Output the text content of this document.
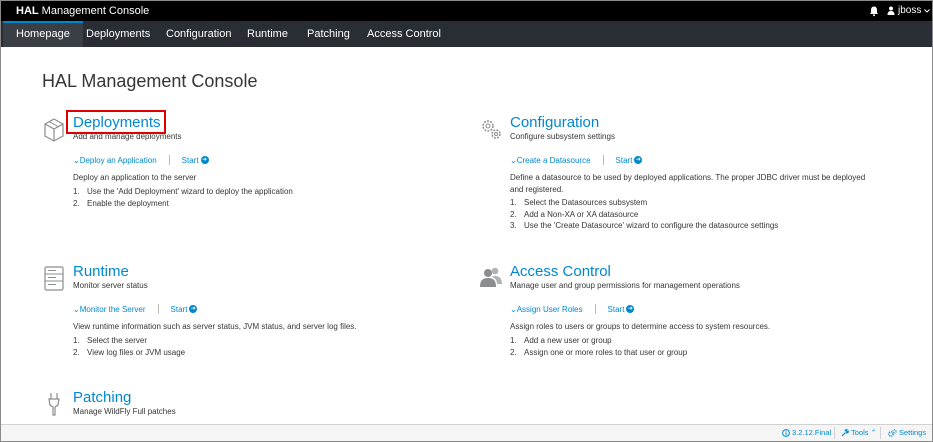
HAL Management Console	jboss
Homepage	Deployments	Configuration	Runtime	Patching	Access Control
HAL Management Console
Deployments
Add and manage deployments
⌄Deploy an Application	Start ➜
Deploy an application to the server
1. Use the 'Add Deployment' wizard to deploy the application
2. Enable the deployment
Configuration
Configure subsystem settings
⌄Create a Datasource	Start ➜
Define a datasource to be used by deployed applications. The proper JDBC driver must be deployed and registered.
1. Select the Datasources subsystem
2. Add a Non-XA or XA datasource
3. Use the 'Create Datasource' wizard to configure the datasource settings
Runtime
Monitor server status
⌄Monitor the Server	Start ➜
View runtime information such as server status, JVM status, and server log files.
1. Select the server
2. View log files or JVM usage
Access Control
Manage user and group permissions for management operations
⌄Assign User Roles	Start ➜
Assign roles to users or groups to determine access to system resources.
1. Add a new user or group
2. Assign one or more roles to that user or group
Patching
Manage WildFly Full patches
3.2.12.Final	Tools ⌃	Settings
